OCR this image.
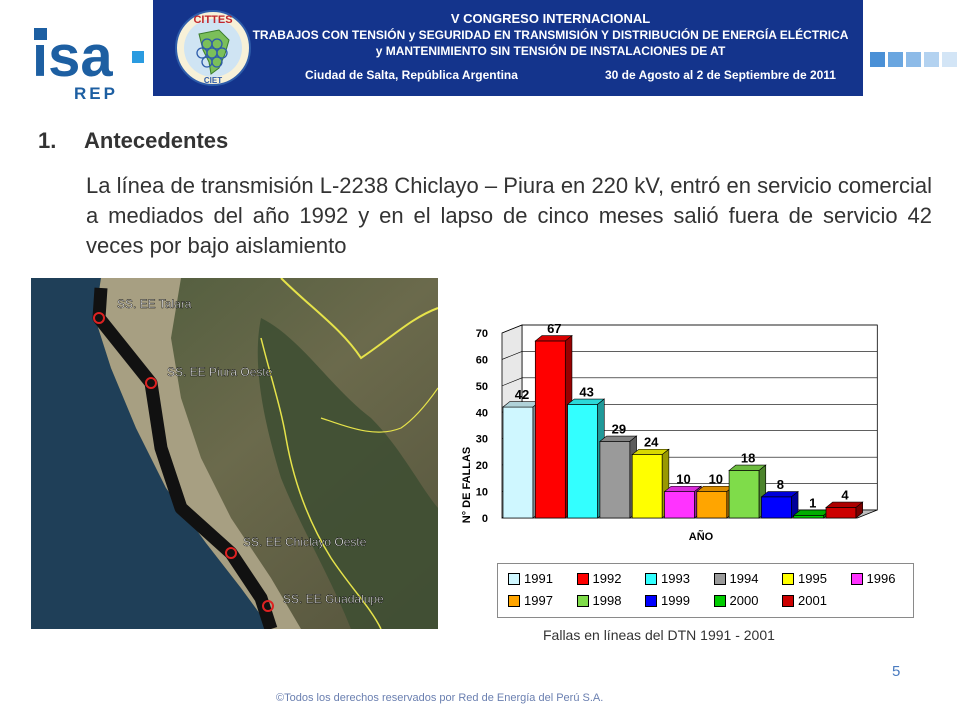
isa
REP
CITTES
CIET
V CONGRESO INTERNACIONAL
TRABAJOS CON TENSIÓN y SEGURIDAD EN TRANSMISIÓN Y DISTRIBUCIÓN DE ENERGÍA ELÉCTRICA
y MANTENIMIENTO SIN TENSIÓN DE INSTALACIONES DE AT
Ciudad de Salta, República Argentina	30 de Agosto al 2 de Septiembre de 2011
1. Antecedentes
La línea de transmisión L-2238 Chiclayo – Piura en 220 kV, entró en servicio comercial a mediados del año 1992 y en el lapso de cinco meses salió fuera de servicio 42 veces por bajo aislamiento
SS. EE Talara
SS. EE Piura Oeste
SS. EE Chiclayo Oeste
SS. EE Guadalupe
0
10
20
30
40
50
60
70
42
67
43
29
24
10 10
18
8
1
4
N° DE FALLAS
AÑO
1991	1992	1993	1994	1995	1996
1997	1998	1999	2000	2001
Fallas en líneas del DTN 1991 - 2001
5
©Todos los derechos reservados por Red de Energía del Perú S.A.
